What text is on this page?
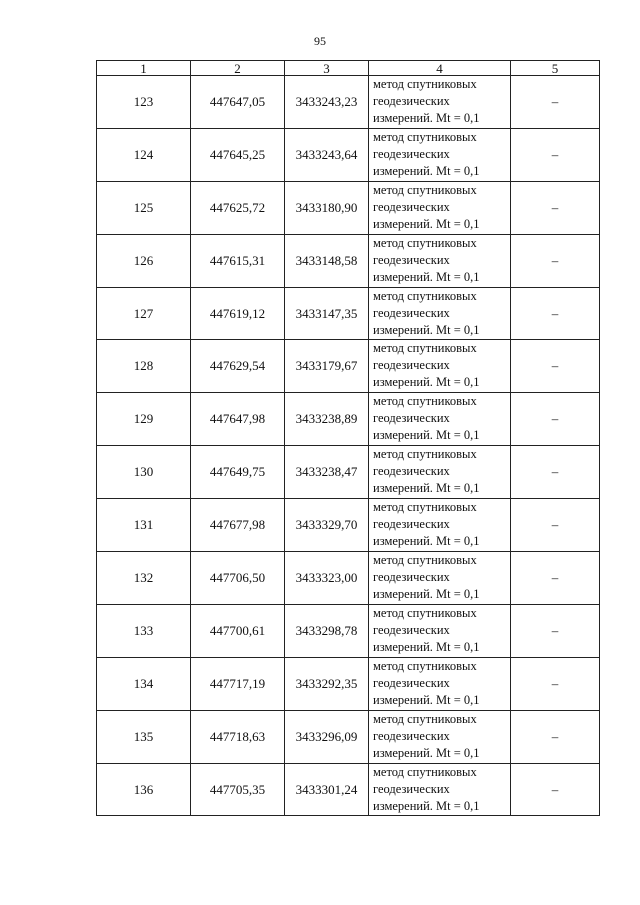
95
1	2	3	4	5
123	447647,05	3433243,23	метод спутниковых
геодезических
измерений. Mt = 0,1	–
124	447645,25	3433243,64	метод спутниковых
геодезических
измерений. Mt = 0,1	–
125	447625,72	3433180,90	метод спутниковых
геодезических
измерений. Mt = 0,1	–
126	447615,31	3433148,58	метод спутниковых
геодезических
измерений. Mt = 0,1	–
127	447619,12	3433147,35	метод спутниковых
геодезических
измерений. Mt = 0,1	–
128	447629,54	3433179,67	метод спутниковых
геодезических
измерений. Mt = 0,1	–
129	447647,98	3433238,89	метод спутниковых
геодезических
измерений. Mt = 0,1	–
130	447649,75	3433238,47	метод спутниковых
геодезических
измерений. Mt = 0,1	–
131	447677,98	3433329,70	метод спутниковых
геодезических
измерений. Mt = 0,1	–
132	447706,50	3433323,00	метод спутниковых
геодезических
измерений. Mt = 0,1	–
133	447700,61	3433298,78	метод спутниковых
геодезических
измерений. Mt = 0,1	–
134	447717,19	3433292,35	метод спутниковых
геодезических
измерений. Mt = 0,1	–
135	447718,63	3433296,09	метод спутниковых
геодезических
измерений. Mt = 0,1	–
136	447705,35	3433301,24	метод спутниковых
геодезических
измерений. Mt = 0,1	–
